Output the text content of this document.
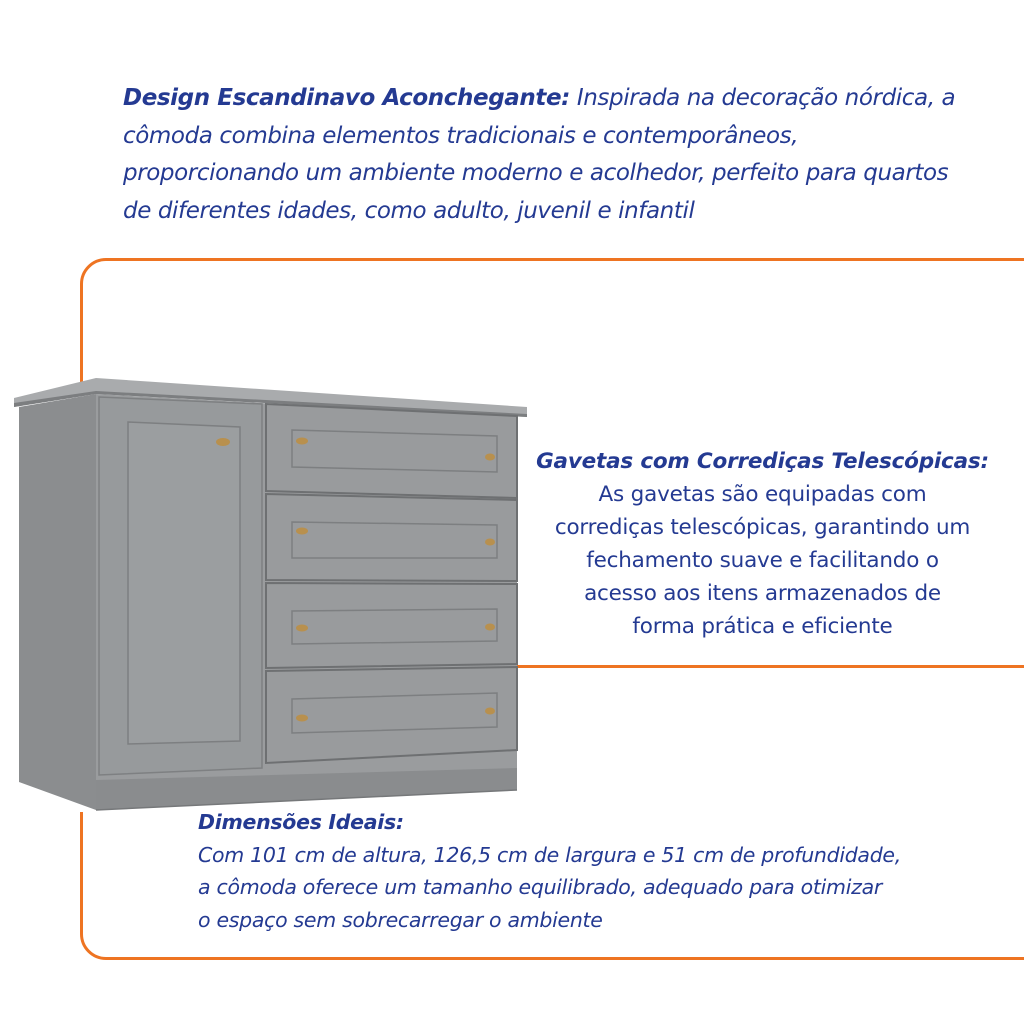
Design Escandinavo Aconchegante: Inspirada na decoração nórdica, a
cômoda combina elementos tradicionais e contemporâneos,
proporcionando um ambiente moderno e acolhedor, perfeito para quartos
de diferentes idades, como adulto, juvenil e infantil
Gavetas com Corrediças Telescópicas:
As gavetas são equipadas com
corrediças telescópicas, garantindo um
fechamento suave e facilitando o
acesso aos itens armazenados de
forma prática e eficiente
Dimensões Ideais:
Com 101 cm de altura, 126,5 cm de largura e 51 cm de profundidade,
a cômoda oferece um tamanho equilibrado, adequado para otimizar
o espaço sem sobrecarregar o ambiente
